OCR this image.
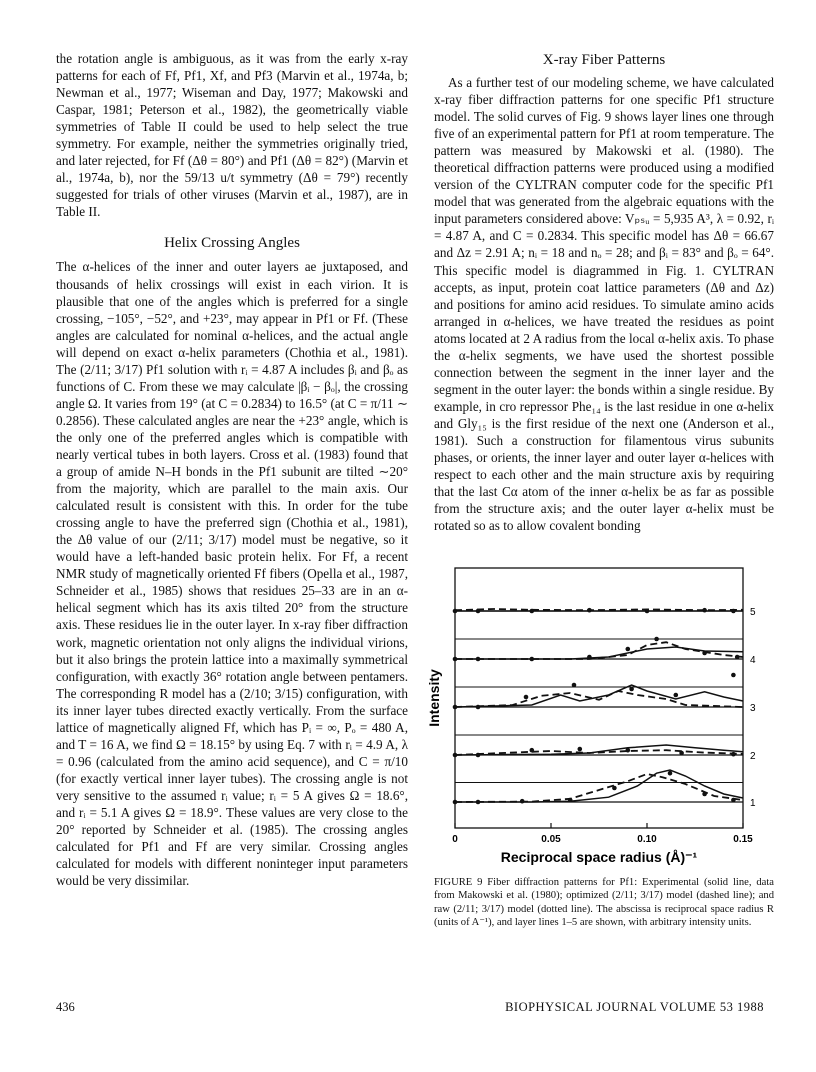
the rotation angle is ambiguous, as it was from the early x-ray patterns for each of Ff, Pf1, Xf, and Pf3 (Marvin et al., 1974a, b; Newman et al., 1977; Wiseman and Day, 1977; Makowski and Caspar, 1981; Peterson et al., 1982), the geometrically viable symmetries of Table II could be used to help select the true symmetry. For example, neither the symmetries originally tried, and later rejected, for Ff (Δθ = 80°) and Pf1 (Δθ = 82°) (Marvin et al., 1974a, b), nor the 59/13 u/t symmetry (Δθ = 79°) recently suggested for trials of other viruses (Marvin et al., 1987), are in Table II.

Helix Crossing Angles

The α-helices of the inner and outer layers ae juxtaposed, and thousands of helix crossings will exist in each virion. It is plausible that one of the angles which is preferred for a single crossing, −105°, −52°, and +23°, may appear in Pf1 or Ff. (These angles are calculated for nominal α-helices, and the actual angle will depend on exact α-helix parameters (Chothia et al., 1981). The (2/11; 3/17) Pf1 solution with rᵢ = 4.87 A includes βᵢ and βₒ as functions of C. From these we may calculate |βᵢ − βₒ|, the crossing angle Ω. It varies from 19° (at C = 0.2834) to 16.5° (at C = π/11 ∼ 0.2856). These calculated angles are near the +23° angle, which is the only one of the preferred angles which is compatible with nearly vertical tubes in both layers. Cross et al. (1983) found that a group of amide N–H bonds in the Pf1 subunit are tilted ∼20° from the majority, which are parallel to the main axis. Our calculated result is consistent with this. In order for the tube crossing angle to have the preferred sign (Chothia et al., 1981), the Δθ value of our (2/11; 3/17) model must be negative, so it would have a left-handed basic protein helix. For Ff, a recent NMR study of magnetically oriented Ff fibers (Opella et al., 1987, Schneider et al., 1985) shows that residues 25–33 are in an α-helical segment which has its axis tilted 20° from the structure axis. These residues lie in the outer layer. In x-ray fiber diffraction work, magnetic orientation not only aligns the individual virions, but it also brings the protein lattice into a maximally symmetrical configuration, with exactly 36° rotation angle between pentamers. The corresponding R model has a (2/10; 3/15) configuration, with its inner layer tubes directed exactly vertically. From the surface lattice of magnetically aligned Ff, which has Pᵢ = ∞, Pₒ = 480 A, and T = 16 A, we find Ω = 18.15° by using Eq. 7 with rᵢ = 4.9 A, λ = 0.96 (calculated from the amino acid sequence), and C = π/10 (for exactly vertical inner layer tubes). The crossing angle is not very sensitive to the assumed rᵢ value; rᵢ = 5 A gives Ω = 18.6°, and rᵢ = 5.1 A gives Ω = 18.9°. These values are very close to the 20° reported by Schneider et al. (1985). The crossing angles calculated for Pf1 and Ff are very similar. Crossing angles calculated for models with different noninteger input parameters would be very dissimilar.

X-ray Fiber Patterns

As a further test of our modeling scheme, we have calculated x-ray fiber diffraction patterns for one specific Pf1 structure model. The solid curves of Fig. 9 shows layer lines one through five of an experimental pattern for Pf1 at room temperature. The pattern was measured by Makowski et al. (1980). The theoretical diffraction patterns were produced using a modified version of the CYLTRAN computer code for the specific Pf1 model that was generated from the algebraic equations with the input parameters considered above: Vₚₛᵤ = 5,935 A³, λ = 0.92, rᵢ = 4.87 A, and C = 0.2834. This specific model has Δθ = 66.67 and Δz = 2.91 A; nᵢ = 18 and nₒ = 28; and βᵢ = 83° and βₒ = 64°. This specific model is diagrammed in Fig. 1. CYLTRAN accepts, as input, protein coat lattice parameters (Δθ and Δz) and positions for amino acid residues. To simulate amino acids arranged in α-helices, we have treated the residues as point atoms located at 2 A radius from the local α-helix axis. To phase the α-helix segments, we have used the shortest possible connection between the segment in the inner layer and the segment in the outer layer: the bonds within a single residue. By example, in cro repressor Phe₁₄ is the last residue in one α-helix and Gly₁₅ is the first residue of the next one (Anderson et al., 1981). Such a construction for filamentous virus subunits phases, or orients, the inner layer and outer layer α-helices with respect to each other and the main structure axis by requiring that the last Cα atom of the inner α-helix be as far as possible from the structure axis; and the outer layer α-helix must be rotated so as to allow covalent bonding

Intensity
Reciprocal space radius (Å)⁻¹
1
2
3
4
5
0	0.05	0.10	0.15
FIGURE 9 Fiber diffraction patterns for Pf1: Experimental (solid line, data from Makowski et al. (1980); optimized (2/11; 3/17) model (dashed line); and raw (2/11; 3/17) model (dotted line). The abscissa is reciprocal space radius R (units of A⁻¹), and layer lines 1–5 are shown, with arbitrary intensity units.
436	BIOPHYSICAL JOURNAL VOLUME 53 1988
